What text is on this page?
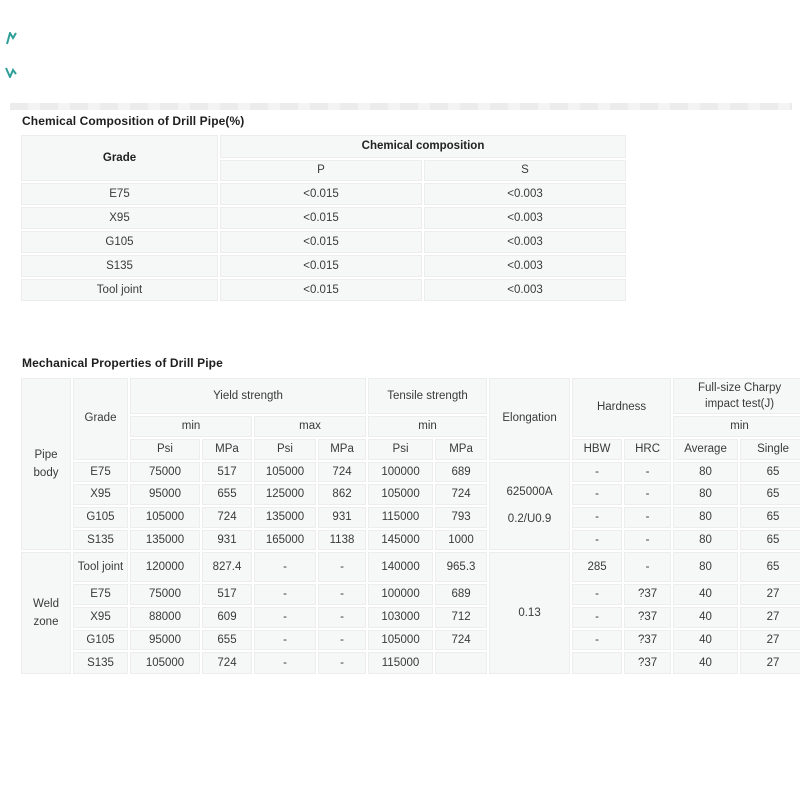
Chemical Composition of Drill Pipe(%)
Grade	Chemical composition	
	P	S
E75	<0.015	<0.003
X95	<0.015	<0.003
G105	<0.015	<0.003
S135	<0.015	<0.003
Tool joint	<0.015	<0.003
Mechanical Properties of Drill Pipe
Pipe body	Grade	Yield strength				Tensile strength		Elongation	Hardness		Full-size Charpy impact test(J)	
		min		max		min					min	
		Psi	MPa	Psi	MPa	Psi	MPa		HBW	HRC	Average	Single
	E75	75000	517	105000	724	100000	689	625000A 0.2/U0.9	-	-	80	65
	X95	95000	655	125000	862	105000	724		-	-	80	65
	G105	105000	724	135000	931	115000	793		-	-	80	65
	S135	135000	931	165000	1138	145000	1000		-	-	80	65
Weld zone	Tool joint	120000	827.4	-	-	140000	965.3	0.13	285	-	80	65
	E75	75000	517	-	-	100000	689		-	?37	40	27
	X95	88000	609	-	-	103000	712		-	?37	40	27
	G105	95000	655	-	-	105000	724		-	?37	40	27
	S135	105000	724	-	-	115000				?37	40	27
